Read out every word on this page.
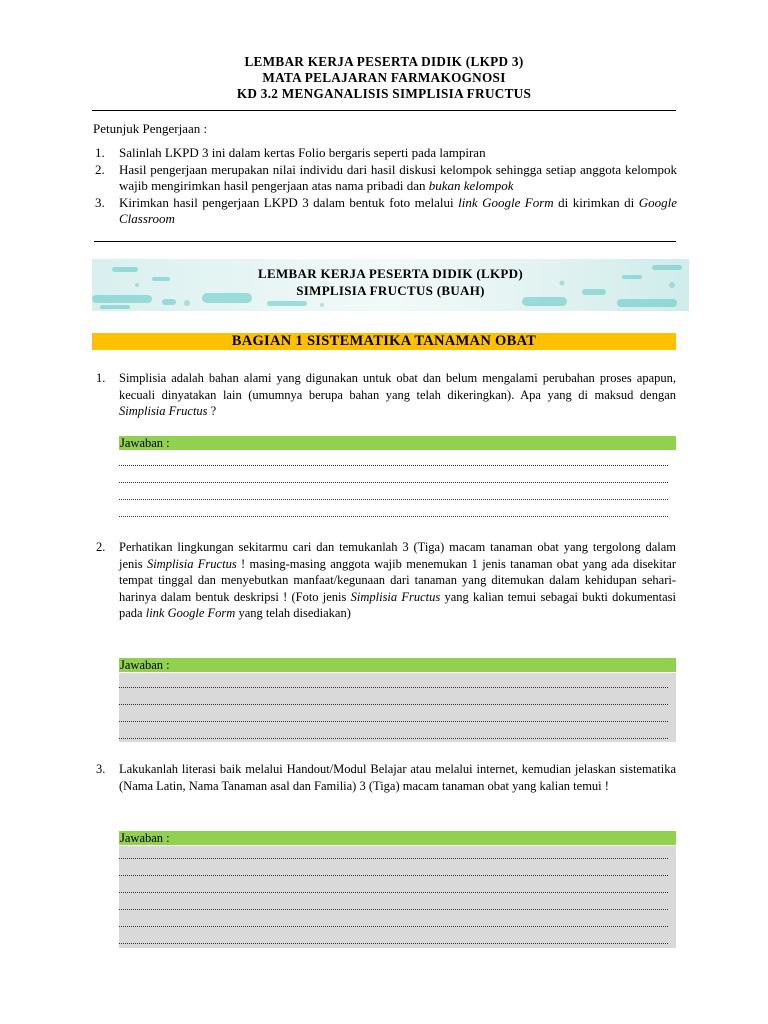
LEMBAR KERJA PESERTA DIDIK (LKPD 3)
MATA PELAJARAN FARMAKOGNOSI
KD 3.2 MENGANALISIS SIMPLISIA FRUCTUS
Petunjuk Pengerjaan :
1. Salinlah LKPD 3 ini dalam kertas Folio bergaris seperti pada lampiran
2. Hasil pengerjaan merupakan nilai individu dari hasil diskusi kelompok sehingga setiap anggota kelompok wajib mengirimkan hasil pengerjaan atas nama pribadi dan bukan kelompok
3. Kirimkan hasil pengerjaan LKPD 3 dalam bentuk foto melalui link Google Form di kirimkan di Google Classroom
LEMBAR KERJA PESERTA DIDIK (LKPD)
SIMPLISIA FRUCTUS (BUAH)
BAGIAN 1 SISTEMATIKA TANAMAN OBAT
1. Simplisia adalah bahan alami yang digunakan untuk obat dan belum mengalami perubahan proses apapun, kecuali dinyatakan lain (umumnya berupa bahan yang telah dikeringkan). Apa yang di maksud dengan Simplisia Fructus ?
Jawaban :
2. Perhatikan lingkungan sekitarmu cari dan temukanlah 3 (Tiga) macam tanaman obat yang tergolong dalam jenis Simplisia Fructus ! masing-masing anggota wajib menemukan 1 jenis tanaman obat yang ada disekitar tempat tinggal dan menyebutkan manfaat/kegunaan dari tanaman yang ditemukan dalam kehidupan sehari-harinya dalam bentuk deskripsi ! (Foto jenis Simplisia Fructus yang kalian temui sebagai bukti dokumentasi pada link Google Form yang telah disediakan)
Jawaban :
3. Lakukanlah literasi baik melalui Handout/Modul Belajar atau melalui internet, kemudian jelaskan sistematika (Nama Latin, Nama Tanaman asal dan Familia) 3 (Tiga) macam tanaman obat yang kalian temui !
Jawaban :
